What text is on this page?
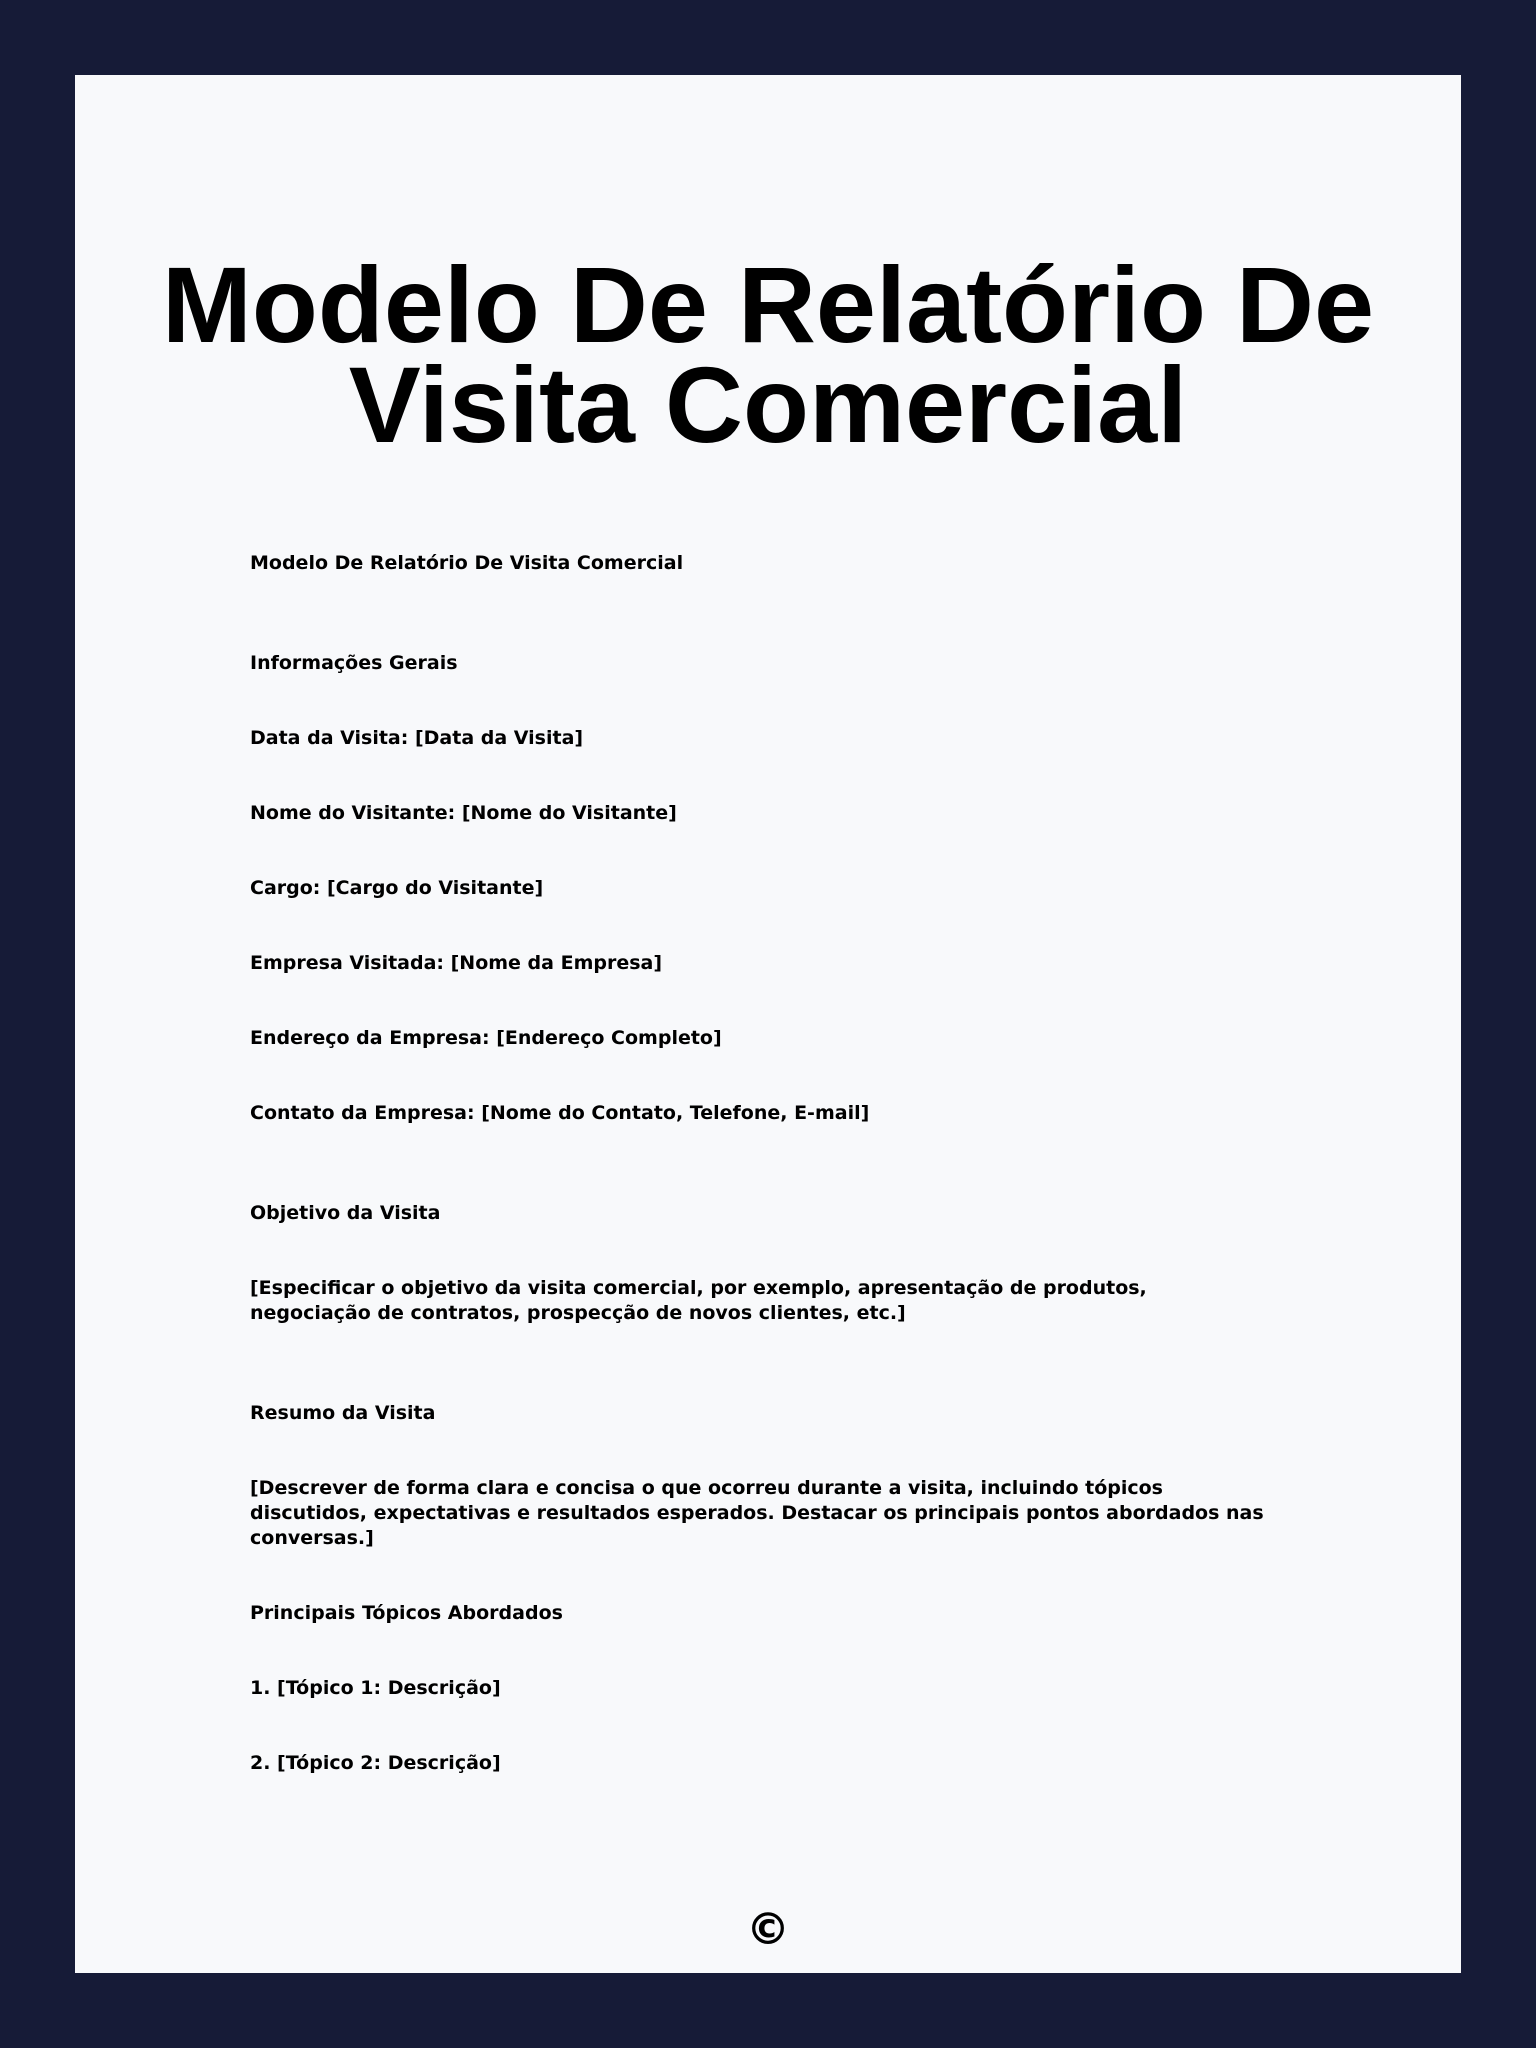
Modelo De Relatório De Visita Comercial

Modelo De Relatório De Visita Comercial

Informações Gerais

Data da Visita: [Data da Visita]

Nome do Visitante: [Nome do Visitante]

Cargo: [Cargo do Visitante]

Empresa Visitada: [Nome da Empresa]

Endereço da Empresa: [Endereço Completo]

Contato da Empresa: [Nome do Contato, Telefone, E-mail]

Objetivo da Visita

[Especificar o objetivo da visita comercial, por exemplo, apresentação de produtos, negociação de contratos, prospecção de novos clientes, etc.]

Resumo da Visita

[Descrever de forma clara e concisa o que ocorreu durante a visita, incluindo tópicos discutidos, expectativas e resultados esperados. Destacar os principais pontos abordados nas conversas.]

Principais Tópicos Abordados

1. [Tópico 1: Descrição]

2. [Tópico 2: Descrição]

©
